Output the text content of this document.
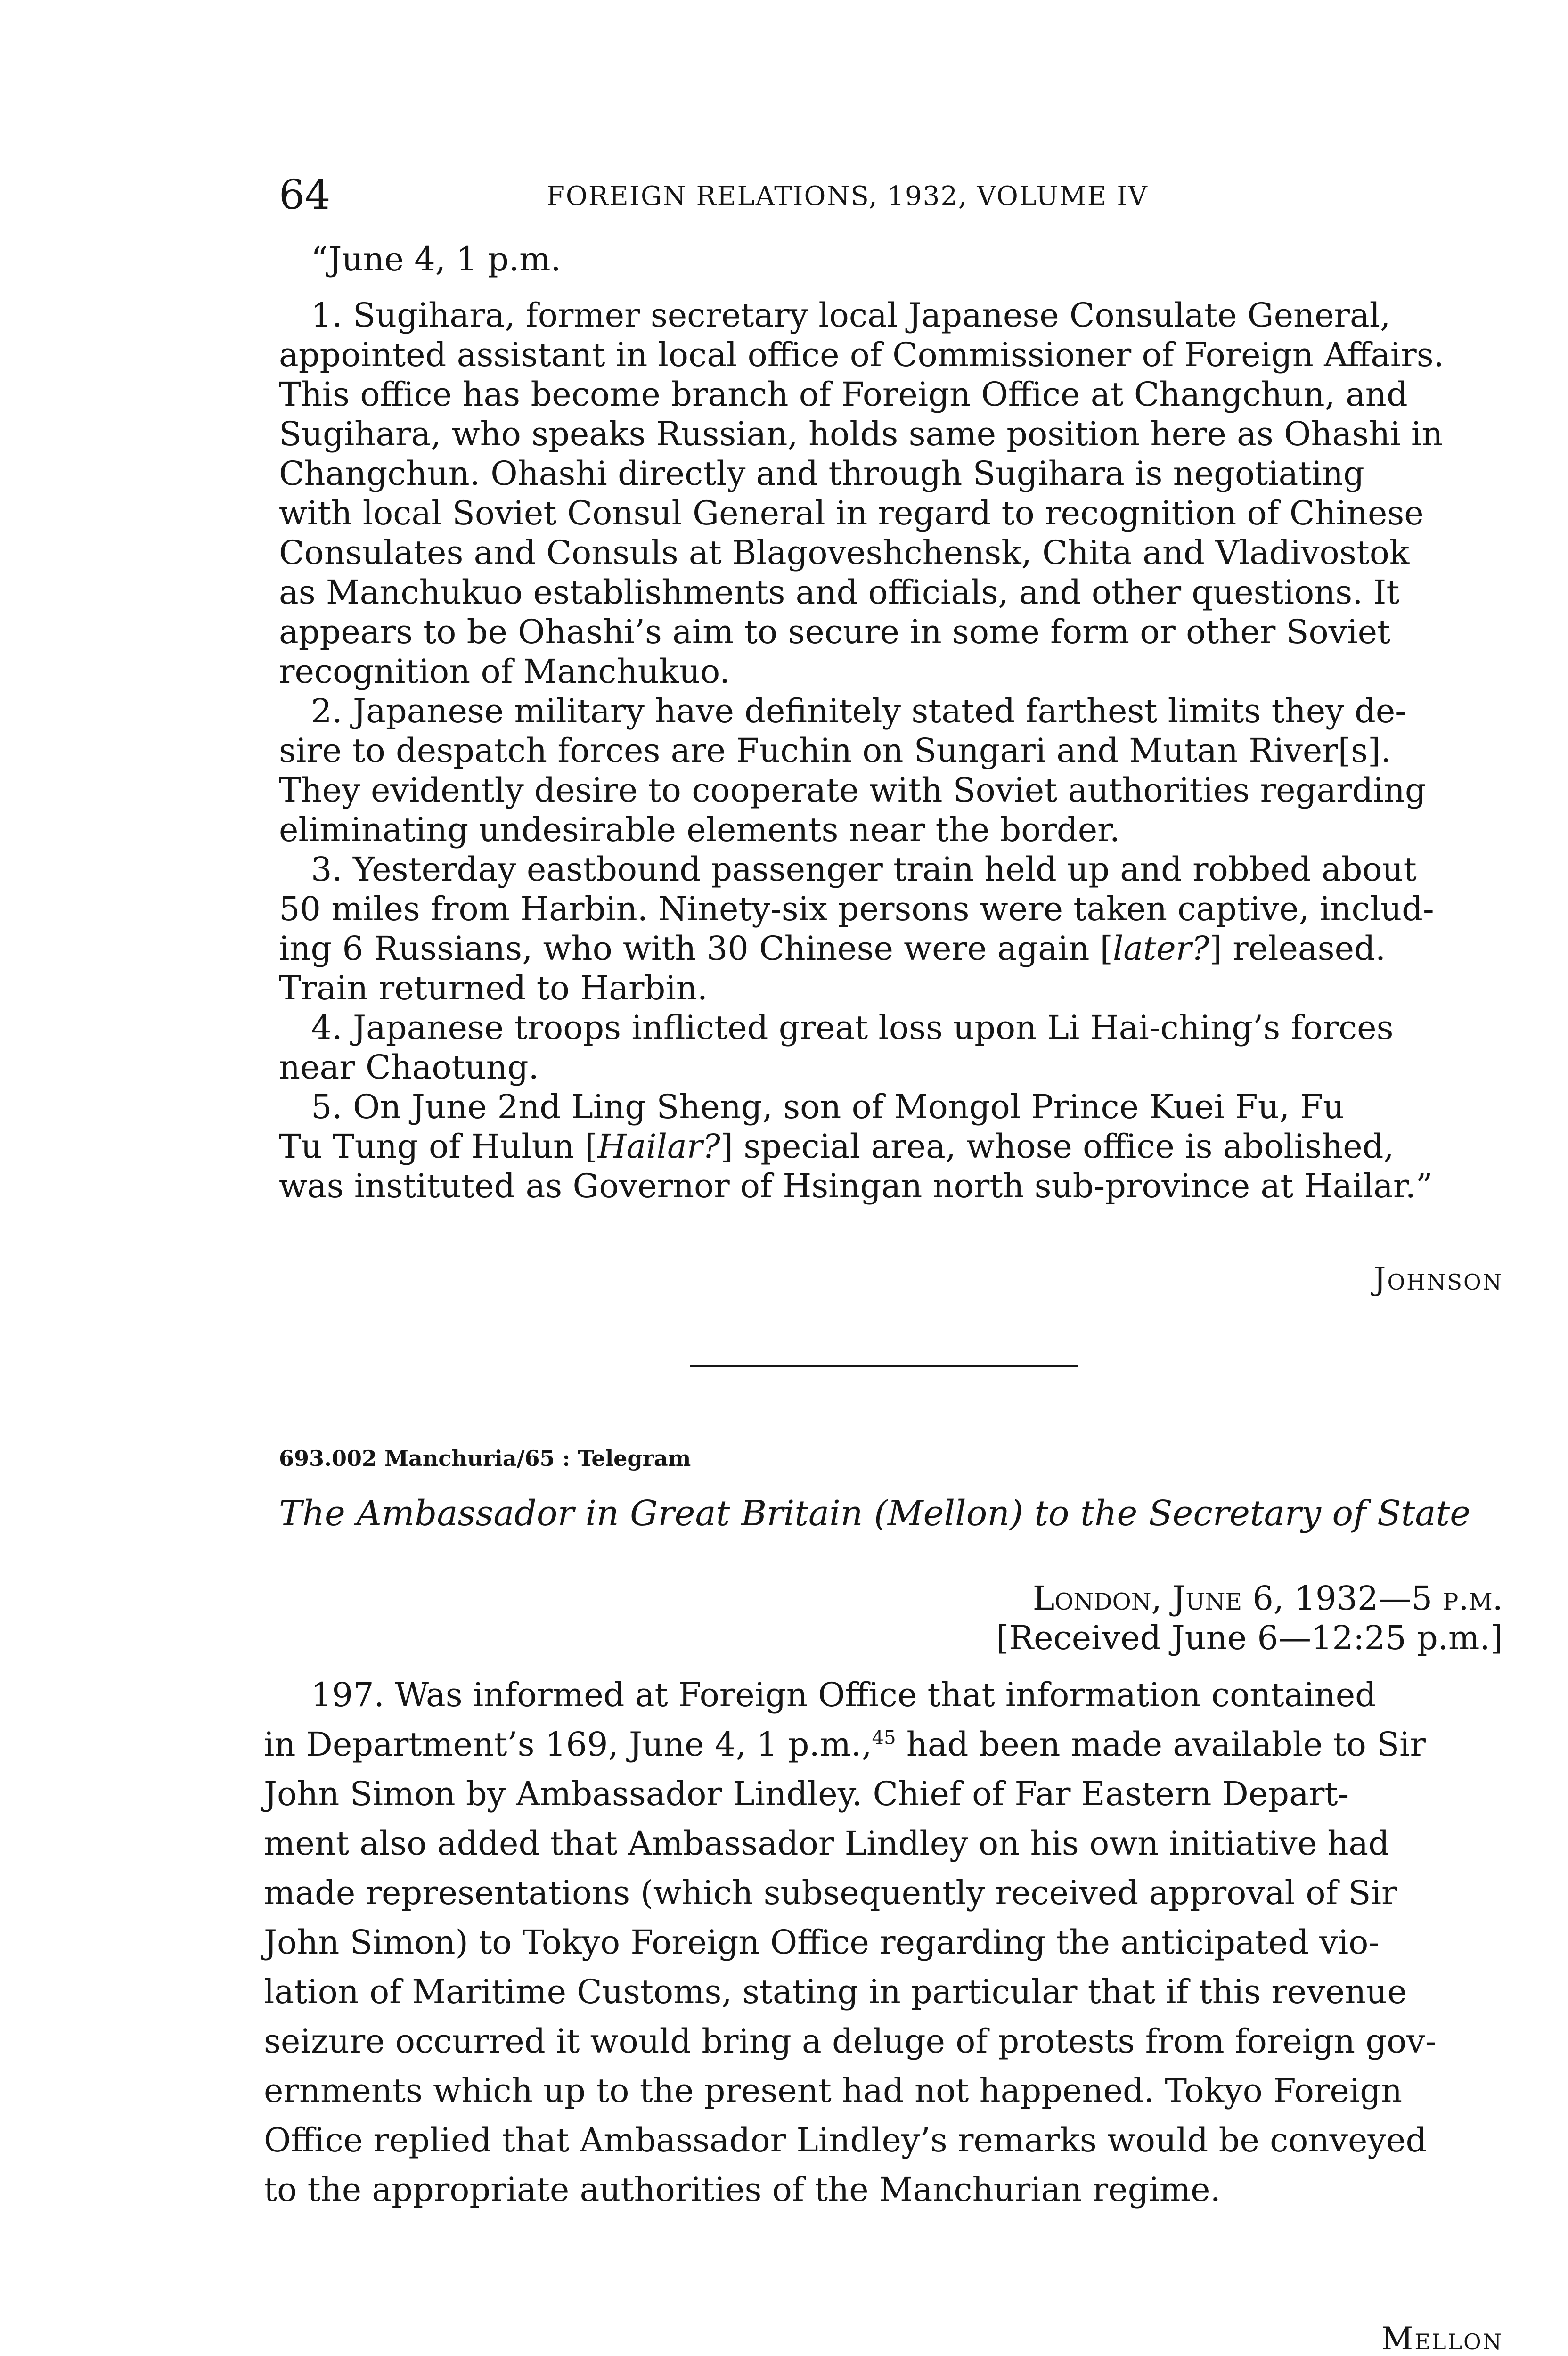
64	FOREIGN RELATIONS, 1932, VOLUME IV
“June 4, 1 p.m.
1. Sugihara, former secretary local Japanese Consulate General,
appointed assistant in local office of Commissioner of Foreign Affairs.
This office has become branch of Foreign Office at Changchun, and
Sugihara, who speaks Russian, holds same position here as Ohashi in
Changchun. Ohashi directly and through Sugihara is negotiating
with local Soviet Consul General in regard to recognition of Chinese
Consulates and Consuls at Blagoveshchensk, Chita and Vladivostok
as Manchukuo establishments and officials, and other questions. It
appears to be Ohashi’s aim to secure in some form or other Soviet
recognition of Manchukuo.
2. Japanese military have definitely stated farthest limits they de-
sire to despatch forces are Fuchin on Sungari and Mutan River[s].
They evidently desire to cooperate with Soviet authorities regarding
eliminating undesirable elements near the border.
3. Yesterday eastbound passenger train held up and robbed about
50 miles from Harbin. Ninety-six persons were taken captive, includ-
ing 6 Russians, who with 30 Chinese were again [later?] released.
Train returned to Harbin.
4. Japanese troops inflicted great loss upon Li Hai-ching’s forces
near Chaotung.
5. On June 2nd Ling Sheng, son of Mongol Prince Kuei Fu, Fu
Tu Tung of Hulun [Hailar?] special area, whose office is abolished,
was instituted as Governor of Hsingan north sub-province at Hailar.”
Johnson
693.002 Manchuria/65 : Telegram
The Ambassador in Great Britain (Mellon) to the Secretary of State
London, June 6, 1932—5 p.m.
[Received June 6—12:25 p.m.]
197. Was informed at Foreign Office that information contained
in Department’s 169, June 4, 1 p.m.,$^{45}$ had been made available to Sir
John Simon by Ambassador Lindley. Chief of Far Eastern Depart-
ment also added that Ambassador Lindley on his own initiative had
made representations (which subsequently received approval of Sir
John Simon) to Tokyo Foreign Office regarding the anticipated vio-
lation of Maritime Customs, stating in particular that if this revenue
seizure occurred it would bring a deluge of protests from foreign gov-
ernments which up to the present had not happened. Tokyo Foreign
Office replied that Ambassador Lindley’s remarks would be conveyed
to the appropriate authorities of the Manchurian regime.
Mellon
